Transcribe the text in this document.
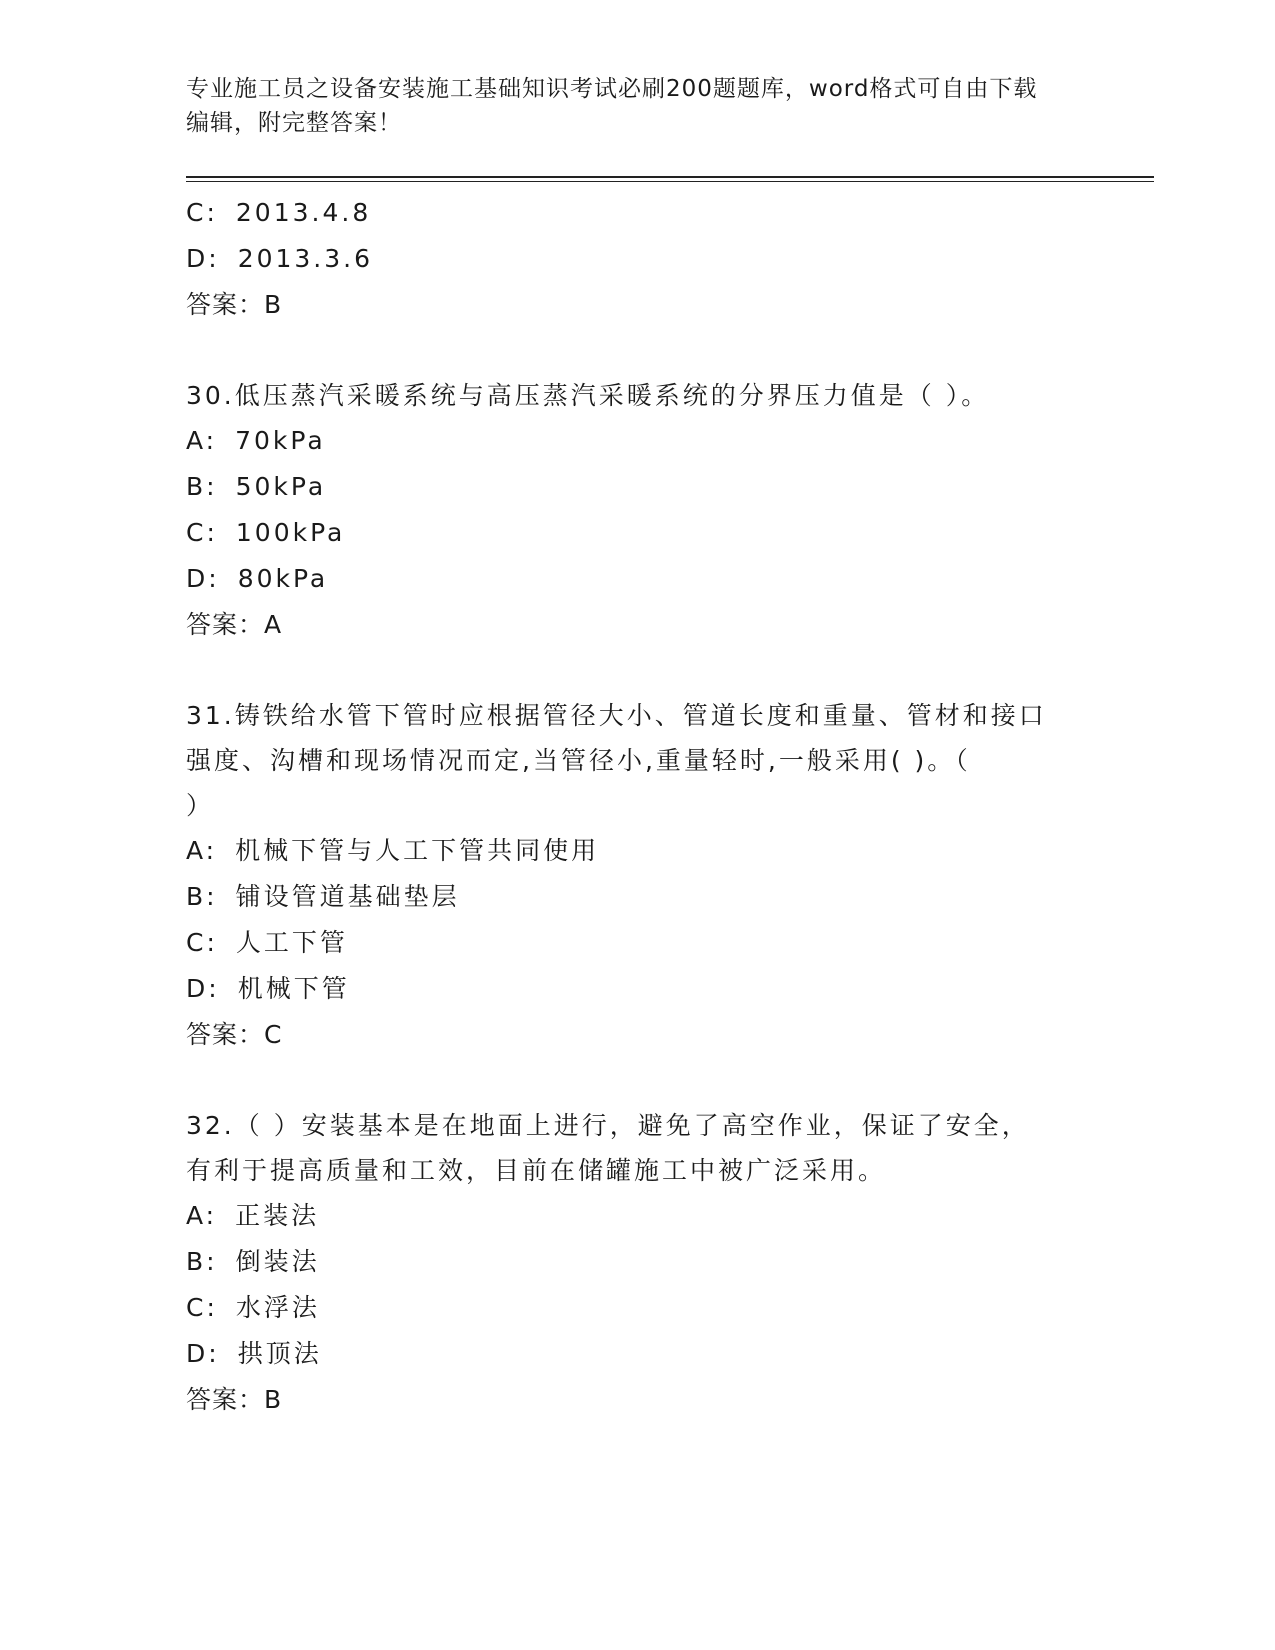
专业施工员之设备安装施工基础知识考试必刷200题题库，word格式可自由下载
编辑，附完整答案！
C: 2013.4.8
D: 2013.3.6
答案：B
30.低压蒸汽采暖系统与高压蒸汽采暖系统的分界压力值是（ ）。
A: 70kPa
B: 50kPa
C: 100kPa
D: 80kPa
答案：A
31.铸铁给水管下管时应根据管径大小、管道长度和重量、管材和接口
强度、沟槽和现场情况而定,当管径小,重量轻时,一般采用( )。（
）
A: 机械下管与人工下管共同使用
B: 铺设管道基础垫层
C: 人工下管
D: 机械下管
答案：C
32.（ ）安装基本是在地面上进行，避免了高空作业，保证了安全，
有利于提高质量和工效，目前在储罐施工中被广泛采用。
A: 正装法
B: 倒装法
C: 水浮法
D: 拱顶法
答案：B
